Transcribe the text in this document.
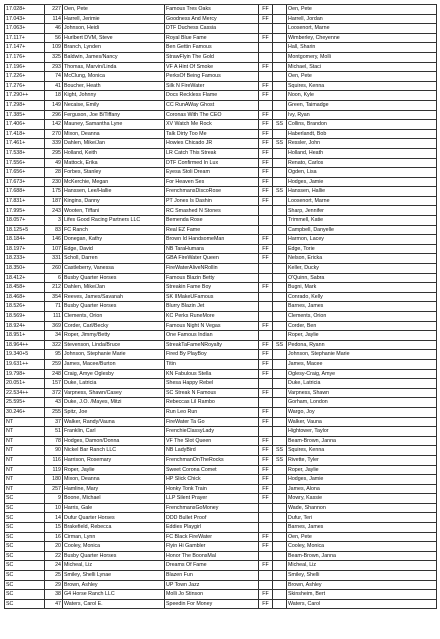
17.028+	227	Oen, Pete	Famous Tres Oaks	FF		Oen, Pete
17.043+	114	Harrell, Jerimie	Goodness And Mercy	FF		Harrell, Jordan
17.063+	46	Johnson, Heidi	DTF Duchess Cassia			Loosenort, Marne
17.117+	56	Hurlbert DVM, Steve	Royal Blue Fame	FF		Wimberley, Cheyenne
17.147+	109	Branch, Lynden	Ben Gettin Famous			Hall, Sharin
17.176+	325	Baldwin, James/Nancy	StrawFlyin The Gold			Montgomery, Molli
17.196+	293	Thomas, Marvin/Linda	VF A Hint Of Smoke	FF		Michael, Staci
17.226+	74	McClung, Monica	PerksOf Being Famous			Oen, Pete
17.276+	41	Boucher, Heath	Silk N FireWater	FF		Squires, Kenna
17.290++	18	Kight, Johnny	Docs Reckless Flame	FF		Noon, Kyle
17.298+	149	Necaise, Emily	CC RunAWay Ghost			Green, Taimadge
17.385+	296	Ferguson, Joe B/Tiffany	Coronas With The CEO	FF		Ivy, Ryan
17.406+	142	Mauney, Samantha Lyne	XV Watch Me Rock	FF	SS	Collins, Brandon
17.418+	270	Mixon, Deanna	Talk Dirty Too Me	FF		Haberlandt, Bob
17.461+	339	Dahlen, Mike/Jan	Howies Chicado JR	FF	SS	Ressler, John
17.538+	295	Holland, Keith	LR Catch This Streak	FF		Holland, Heath
17.556+	49	Mattock, Erika	DTF Confirmed In Lux	FF		Renato, Carlos
17.656+	28	Forbes, Stanley	Eyesa Stoli Dream	FF		Ogden, Lisa
17.673+	230	McKerchie, Megan	For Heaven Ses	FF		Hodges, Jamie
17.688+	175	Hanssen, Lee/Hallie	FrenchmansDiscoRose	FF	SS	Hanssen, Hallie
17.831+	187	Kingins, Danny	PT Jones Is Dashin	FF		Loosenort, Marne
17.995+	243	Wooten, Tiffani	RC Smashed N Stones			Sharp, Jennifer
18.057+	3	Lifes Good Racing Partners LLC	Bemenda Rose			Trimmell, Katie
18.125+5	83	FC Ranch	Real EZ Fame			Campbell, Danyelle
18.184+	146	Donegan, Kathy	Brown Id HandsomeMan	FF		Harmon, Lacey
18.197+	107	Edge, David	NB TaraHumara	FF		Edge, Torie
18.233+	331	Scholl, Darren	GBA FireWater Queen	FF		Nelson, Ericka
18.350+	260	Castleberry, Vanessa	FireWaterAliveNRollin			Keller, Ducky
18.412+	6	Busby Quarter Horses	Famous Blazin Betty			O'Quinn, Sabra
18.458+	212	Dahlen, Mike/Jan	Streakin Fame Boy	FF		Bugni, Mark
18.468+	354	Reeves, James/Savanah	SK IIMakeUFamous			Conrado, Kelly
18.526+	71	Busby Quarter Horses	Blurry Blazin Jet			Barnes, James
18.569+	111	Clements, Orion	KC Perks RuneMore			Clements, Orion
18.924+	369	Corder, Carl/Becky	Famous Night N Vegas	FF		Corder, Ben
18.951+	34	Roper, Jimmy/Betty	One Famous Indian			Roper, Jaylie
18.964++	322	Stevenson, Linda/Bruce	StreakTaFameNRoyalty	FF	SS	Pedona, Ryann
19.340+5	95	Johnson, Stephanie Marie	Fired By PlayBoy	FF		Johnson, Stephanie Marie
19.631++	259	James, Macee/Burton	Titin	FF		James, Macee
19.798+	248	Craig, Amye Oglesby	KN Fabulous Stella	FF		Oglesy-Craig, Amye
20.051+	157	Duke, Latricia	Shesa Happy Rebel			Duke, Latricia
22.534++	372	Varpness, Shawn/Casey	SC Streak N Famous	FF		Varpness, Shawn
25.595+	43	Duke, J.O. /Mayes, Mitzi	Rebeccas Lil Rambo			Gorham, London
30.246+	255	Spitz, Joe	Run Leo Run	FF		Wargo, Joy
NT	37	Walker, Randy/Vauna	FireWater Ta Go	FF		Walker, Vauna
NT	51	Franklin, Carl	FrenchieClassyLady			Hightower, Taylor
NT	78	Hodges, Damon/Donna	VF The Slot Queen	FF		Beam-Brown, Janna
NT	90	Nickel Bar Ranch LLC	NB LadyBird	FF	SS	Squires, Kenna
NT	116	Harrison, Rosemary	FrenchmanOnTheRocks	FF	SS	Rivette, Tyler
NT	119	Roper, Jaylie	Sweet Corona Comet	FF		Roper, Jaylie
NT	180	Mixon, Deanna	HP Slick Chick	FF		Hodges, Jamie
NT	257	Hamline, Mary	Honky Tonk Train	FF		James, Alona
SC	9	Boone, Michael	LLP Silent Prayer	FF		Mowry, Kassie
SC	10	Harris, Gale	FrenchmansGoMoney			Wade, Shannon
SC	14	Dufur Quarter Horses	DDD Bullet Proof			Dufur, Teri
SC	15	Brakefield, Rebecca	Eddies Playgirl			Barnes, James
SC	16	Cirman, Lynn	FC Black FireWater	FF		Oen, Pete
SC	20	Cooley, Monica	Flyin Hi Gambler	FF		Cooley, Monica
SC	22	Busby Quarter Horses	Honor The BoonsMal			Beam-Brown, Janna
SC	24	Micheal, Liz	Dreams Of Fame	FF		Micheal, Liz
SC	25	Smiley, Shelli Lynae	Blazen Fun			Smiley, Shelli
SC	29	Brown, Ashley	UP Town Jazz			Brown, Ashley
SC	38	G4 Horse Ranch LLC	Molli Jo Stinson	FF		Skinsheim, Bert
SC	47	Waters, Carol E.	Speedin For Money	FF		Waters, Carol
